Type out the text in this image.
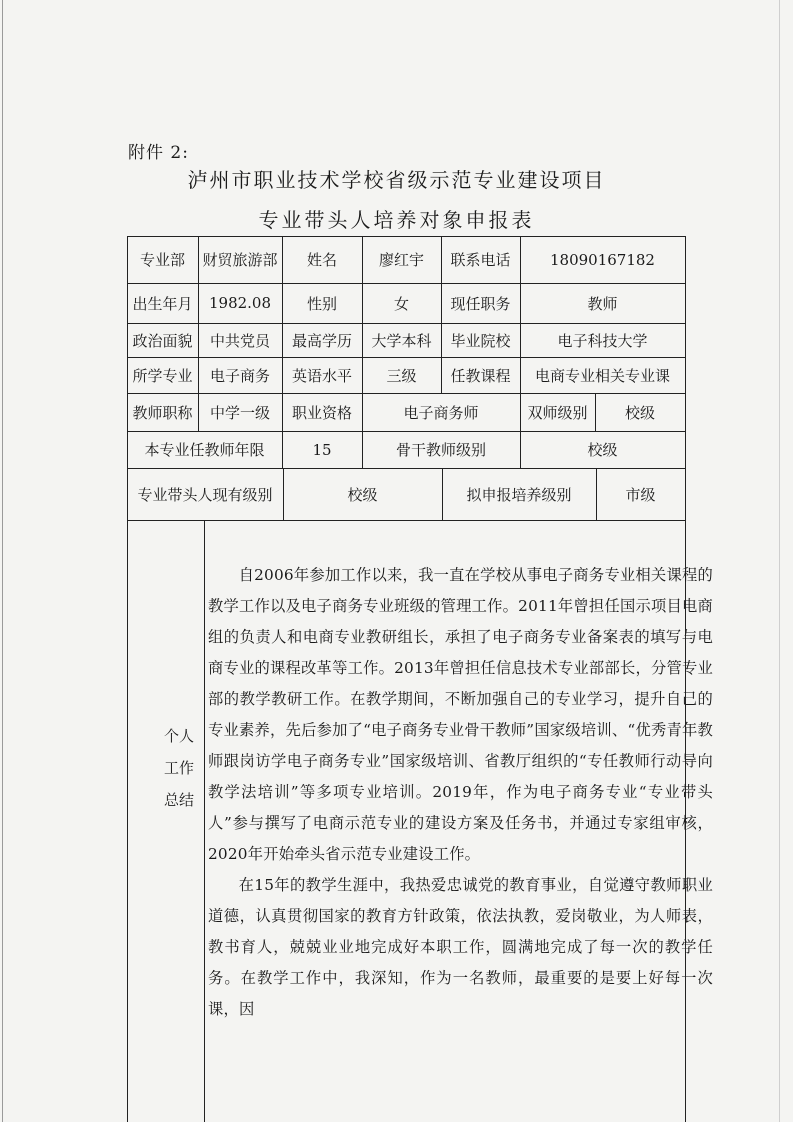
附件 2:
泸州市职业技术学校省级示范专业建设项目
专业带头人培养对象申报表
专业部	财贸旅游部	姓名	廖红宇	联系电话	18090167182
出生年月	1982.08	性别	女	现任职务	教师
政治面貌	中共党员	最高学历	大学本科	毕业院校	电子科技大学
所学专业	电子商务	英语水平	三级	任教课程	电商专业相关专业课
教师职称	中学一级	职业资格	电子商务师	双师级别	校级
本专业任教师年限	15	骨干教师级别	校级
专业带头人现有级别	校级	拟申报培养级别	市级
个人
工作
总结

自2006年参加工作以来，我一直在学校从事电子商务专业相关课程的教学工作以及电子商务专业班级的管理工作。2011年曾担任国示项目电商组的负责人和电商专业教研组长，承担了电子商务专业备案表的填写与电商专业的课程改革等工作。2013年曾担任信息技术专业部部长，分管专业部的教学教研工作。在教学期间，不断加强自己的专业学习，提升自己的专业素养，先后参加了“电子商务专业骨干教师”国家级培训、“优秀青年教师跟岗访学电子商务专业”国家级培训、省教厅组织的“专任教师行动导向教学法培训”等多项专业培训。2019年，作为电子商务专业“专业带头人”参与撰写了电商示范专业的建设方案及任务书，并通过专家组审核，2020年开始牵头省示范专业建设工作。

在15年的教学生涯中，我热爱忠诚党的教育事业，自觉遵守教师职业道德，认真贯彻国家的教育方针政策，依法执教，爱岗敬业，为人师表，教书育人，兢兢业业地完成好本职工作，圆满地完成了每一次的教学任务。在教学工作中，我深知，作为一名教师，最重要的是要上好每一次课，因
